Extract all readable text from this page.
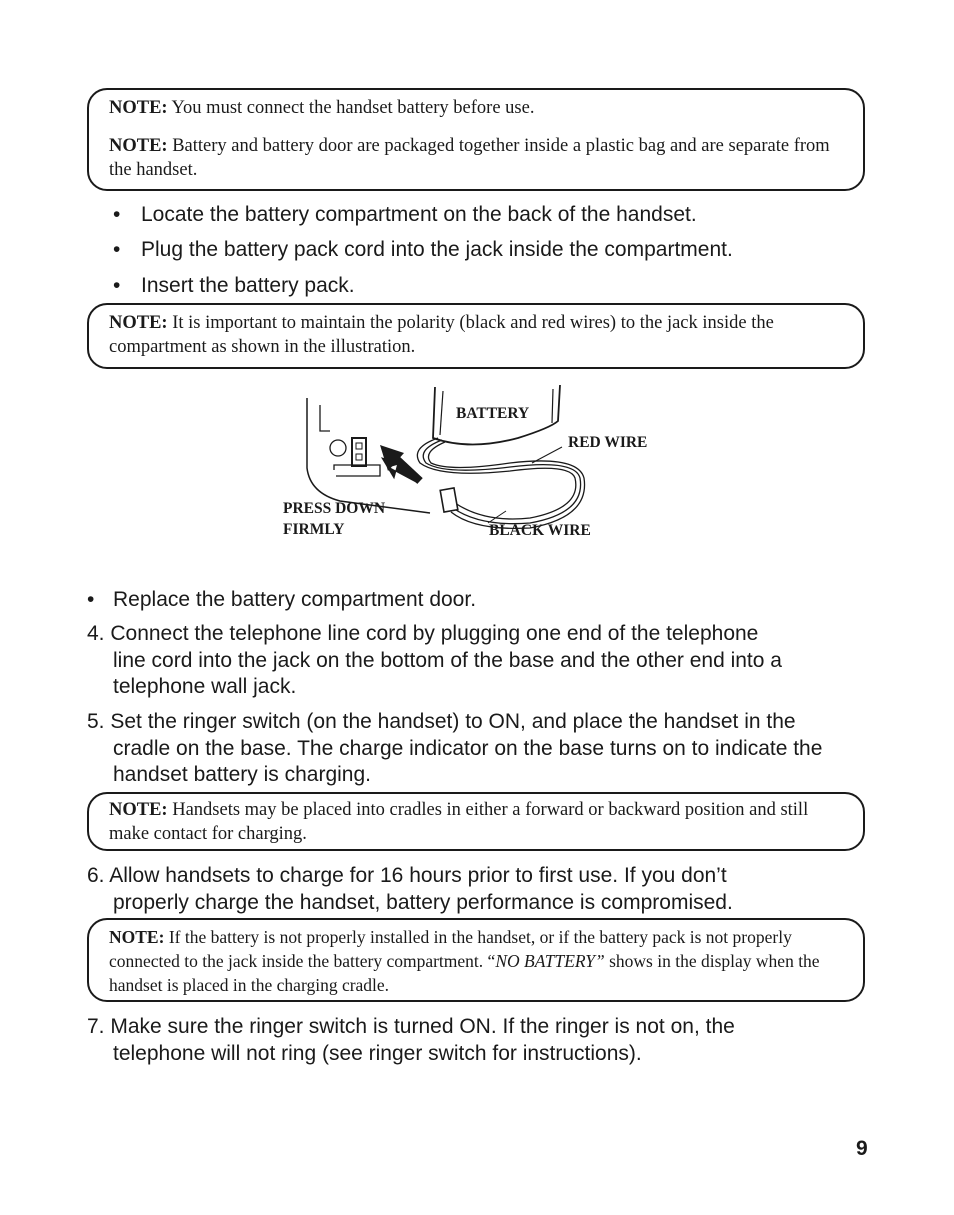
NOTE: You must connect the handset battery before use.

NOTE: Battery and battery door are packaged together inside a plastic bag and are separate from the handset.

• Locate the battery compartment on the back of the handset.
• Plug the battery pack cord into the jack inside the compartment.
• Insert the battery pack.

NOTE: It is important to maintain the polarity (black and red wires) to the jack inside the compartment as shown in the illustration.

BATTERY
RED WIRE
PRESS DOWN
FIRMLY	BLACK WIRE
• Replace the battery compartment door.
4. Connect the telephone line cord by plugging one end of the telephone
line cord into the jack on the bottom of the base and the other end into a telephone wall jack.
5. Set the ringer switch (on the handset) to ON, and place the handset in the
cradle on the base. The charge indicator on the base turns on to indicate the handset battery is charging.

NOTE: Handsets may be placed into cradles in either a forward or backward position and still make contact for charging.

6. Allow handsets to charge for 16 hours prior to first use. If you don’t
properly charge the handset, battery performance is compromised.

NOTE: If the battery is not properly installed in the handset, or if the battery pack is not properly connected to the jack inside the battery compartment. “NO BATTERY” shows in the display when the handset is placed in the charging cradle.

7. Make sure the ringer switch is turned ON. If the ringer is not on, the
telephone will not ring (see ringer switch for instructions).
9
